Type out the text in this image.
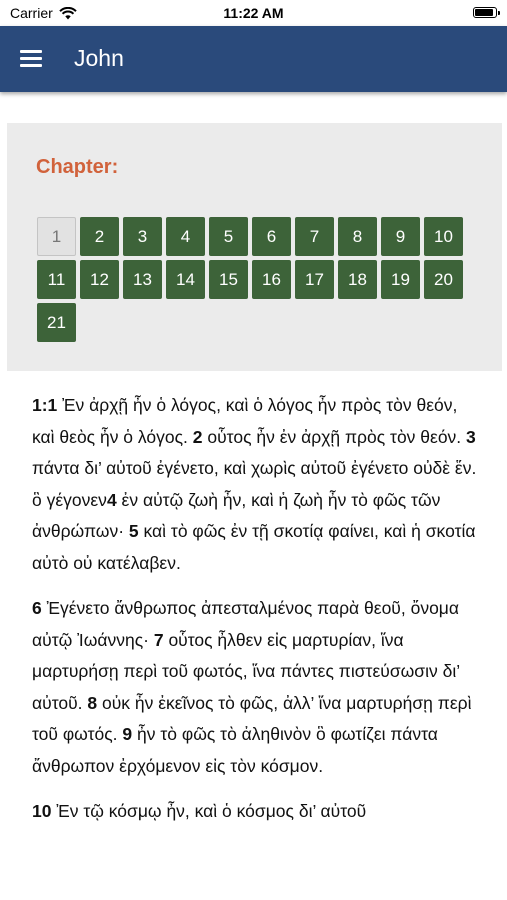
Carrier	11:22 AM
John
Chapter:
1	2	3	4	5	6	7	8	9	10
11	12	13	14	15	16	17	18	19	20
21

1:1 Ἐν ἀρχῇ ἦν ὁ λόγος, καὶ ὁ λόγος ἦν πρὸς τὸν θεόν, καὶ θεὸς ἦν ὁ λόγος. 2 οὗτος ἦν ἐν ἀρχῇ πρὸς τὸν θεόν. 3 πάντα δι’ αὐτοῦ ἐγένετο, καὶ χωρὶς αὐτοῦ ἐγένετο οὐδὲ ἕν. ὃ γέγονεν4 ἐν αὐτῷ ζωὴ ἦν, καὶ ἡ ζωὴ ἦν τὸ φῶς τῶν ἀνθρώπων· 5 καὶ τὸ φῶς ἐν τῇ σκοτίᾳ φαίνει, καὶ ἡ σκοτία αὐτὸ οὐ κατέλαβεν.

6 Ἐγένετο ἄνθρωπος ἀπεσταλμένος παρὰ θεοῦ, ὄνομα αὐτῷ Ἰωάννης· 7 οὗτος ἦλθεν εἰς μαρτυρίαν, ἵνα μαρτυρήσῃ περὶ τοῦ φωτός, ἵνα πάντες πιστεύσωσιν δι’ αὐτοῦ. 8 οὐκ ἦν ἐκεῖνος τὸ φῶς, ἀλλ’ ἵνα μαρτυρήσῃ περὶ τοῦ φωτός. 9 ἦν τὸ φῶς τὸ ἀληθινὸν ὃ φωτίζει πάντα ἄνθρωπον ἐρχόμενον εἰς τὸν κόσμον.

10 Ἐν τῷ κόσμῳ ἦν, καὶ ὁ κόσμος δι’ αὐτοῦ
